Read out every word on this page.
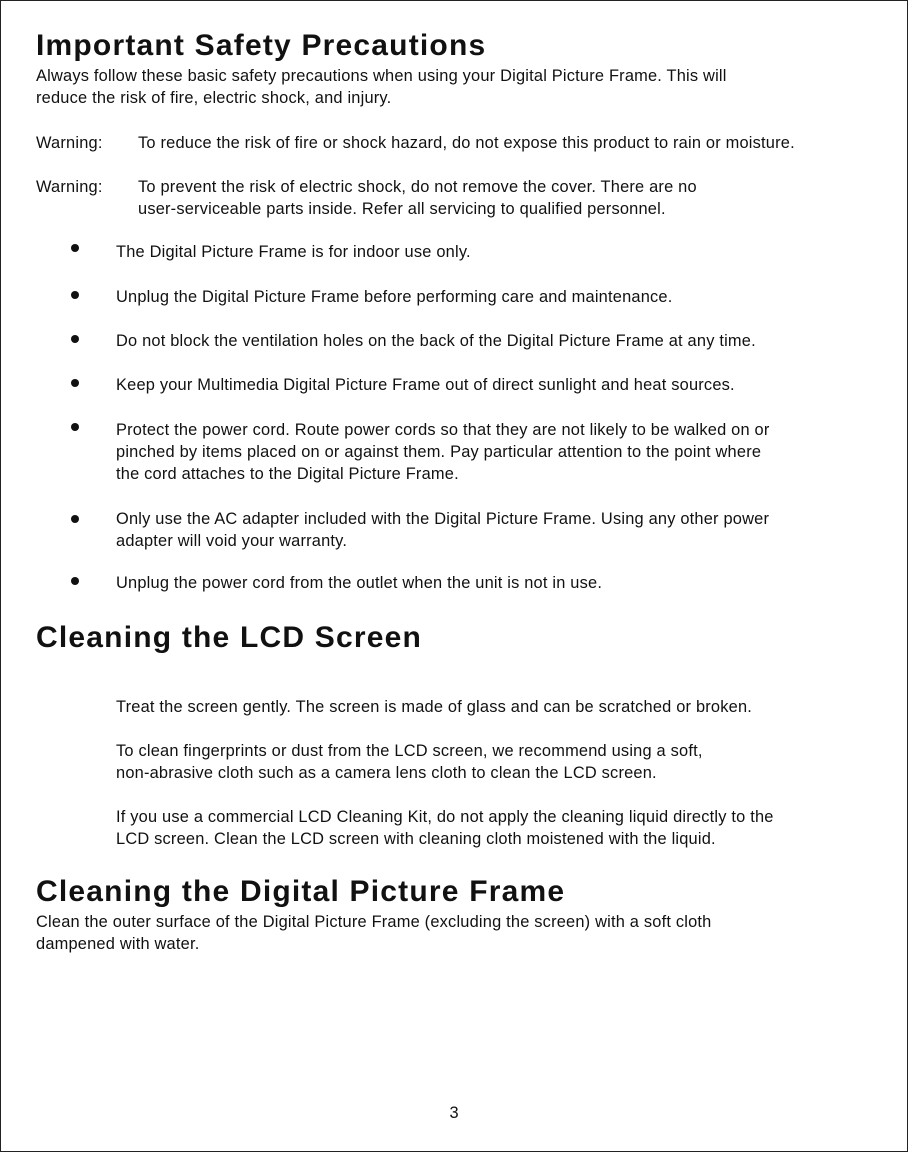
Important Safety Precautions

Always follow these basic safety precautions when using your Digital Picture Frame. This will
reduce the risk of fire, electric shock, and injury.

Warning: To reduce the risk of fire or shock hazard, do not expose this product to rain or moisture.

Warning: To prevent the risk of electric shock, do not remove the cover. There are no
user-serviceable parts inside. Refer all servicing to qualified personnel.

The Digital Picture Frame is for indoor use only.

Unplug the Digital Picture Frame before performing care and maintenance.

Do not block the ventilation holes on the back of the Digital Picture Frame at any time.

Keep your Multimedia Digital Picture Frame out of direct sunlight and heat sources.

Protect the power cord. Route power cords so that they are not likely to be walked on or
pinched by items placed on or against them. Pay particular attention to the point where
the cord attaches to the Digital Picture Frame.

Only use the AC adapter included with the Digital Picture Frame. Using any other power
adapter will void your warranty.

Unplug the power cord from the outlet when the unit is not in use.

Cleaning the LCD Screen

Treat the screen gently. The screen is made of glass and can be scratched or broken.

To clean fingerprints or dust from the LCD screen, we recommend using a soft,
non-abrasive cloth such as a camera lens cloth to clean the LCD screen.

If you use a commercial LCD Cleaning Kit, do not apply the cleaning liquid directly to the
LCD screen. Clean the LCD screen with cleaning cloth moistened with the liquid.

Cleaning the Digital Picture Frame

Clean the outer surface of the Digital Picture Frame (excluding the screen) with a soft cloth
dampened with water.

3
